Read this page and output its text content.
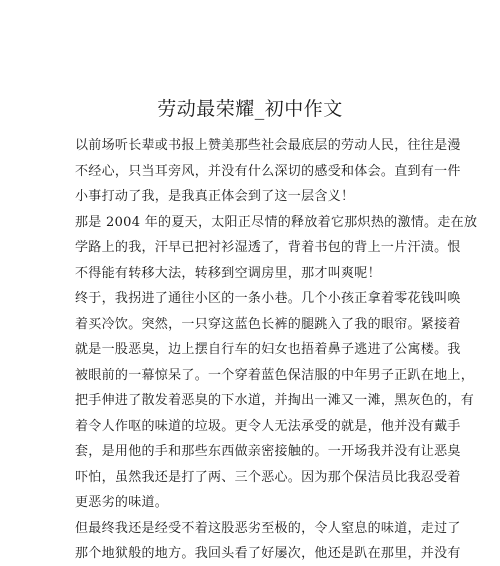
劳动最荣耀_初中作文
以前场听长辈或书报上赞美那些社会最底层的劳动人民，往往是漫
不经心，只当耳旁风，并没有什么深切的感受和体会。直到有一件
小事打动了我，是我真正体会到了这一层含义！
那是 2004 年的夏天，太阳正尽情的释放着它那炽热的激情。走在放
学路上的我，汗早已把衬衫湿透了，背着书包的背上一片汗渍。恨
不得能有转移大法，转移到空调房里，那才叫爽呢！
终于，我拐进了通往小区的一条小巷。几个小孩正拿着零花钱叫唤
着买冷饮。突然，一只穿这蓝色长裤的腿跳入了我的眼帘。紧接着
就是一股恶臭，边上摆自行车的妇女也捂着鼻子逃进了公寓楼。我
被眼前的一幕惊呆了。一个穿着蓝色保洁服的中年男子正趴在地上，
把手伸进了散发着恶臭的下水道，并掏出一滩又一滩，黑灰色的，有
着令人作呕的味道的垃圾。更令人无法承受的就是，他并没有戴手
套，是用他的手和那些东西做亲密接触的。一开场我并没有让恶臭
吓怕，虽然我还是打了两、三个恶心。因为那个保洁员比我忍受着
更恶劣的味道。
但最终我还是经受不着这股恶劣至极的，令人窒息的味道，走过了
那个地狱般的地方。我回头看了好屡次，他还是趴在那里，并没有
